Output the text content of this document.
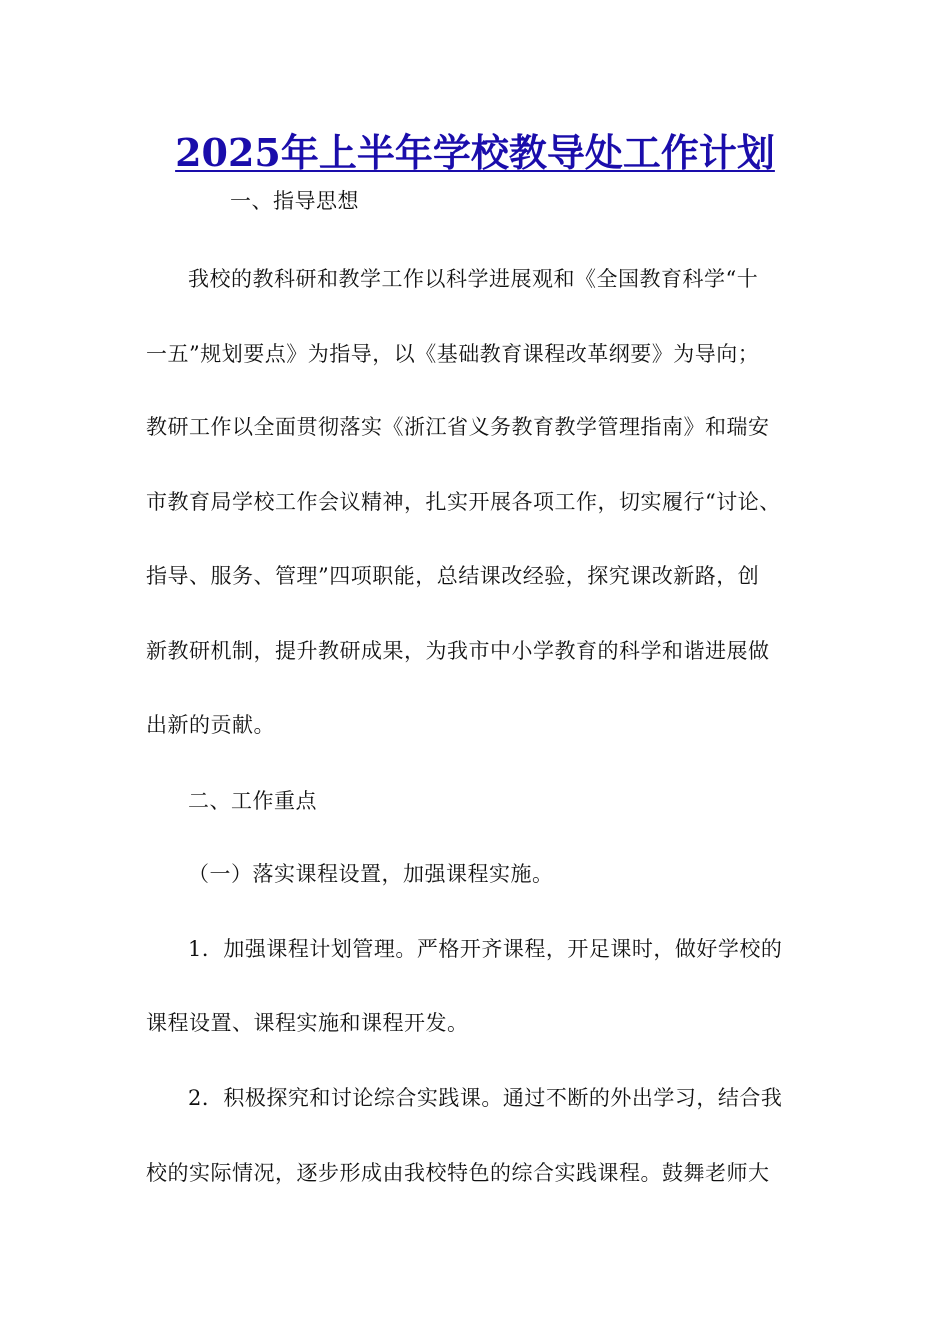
2025年上半年学校教导处工作计划
一、指导思想
我校的教科研和教学工作以科学进展观和《全国教育科学“十
一五”规划要点》为指导，以《基础教育课程改革纲要》为导向；
教研工作以全面贯彻落实《浙江省义务教育教学管理指南》和瑞安
市教育局学校工作会议精神，扎实开展各项工作，切实履行“讨论、
指导、服务、管理”四项职能，总结课改经验，探究课改新路，创
新教研机制，提升教研成果，为我市中小学教育的科学和谐进展做
出新的贡献。
二、工作重点
（一）落实课程设置，加强课程实施。
1．加强课程计划管理。严格开齐课程，开足课时，做好学校的
课程设置、课程实施和课程开发。
2．积极探究和讨论综合实践课。通过不断的外出学习，结合我
校的实际情况，逐步形成由我校特色的综合实践课程。鼓舞老师大
